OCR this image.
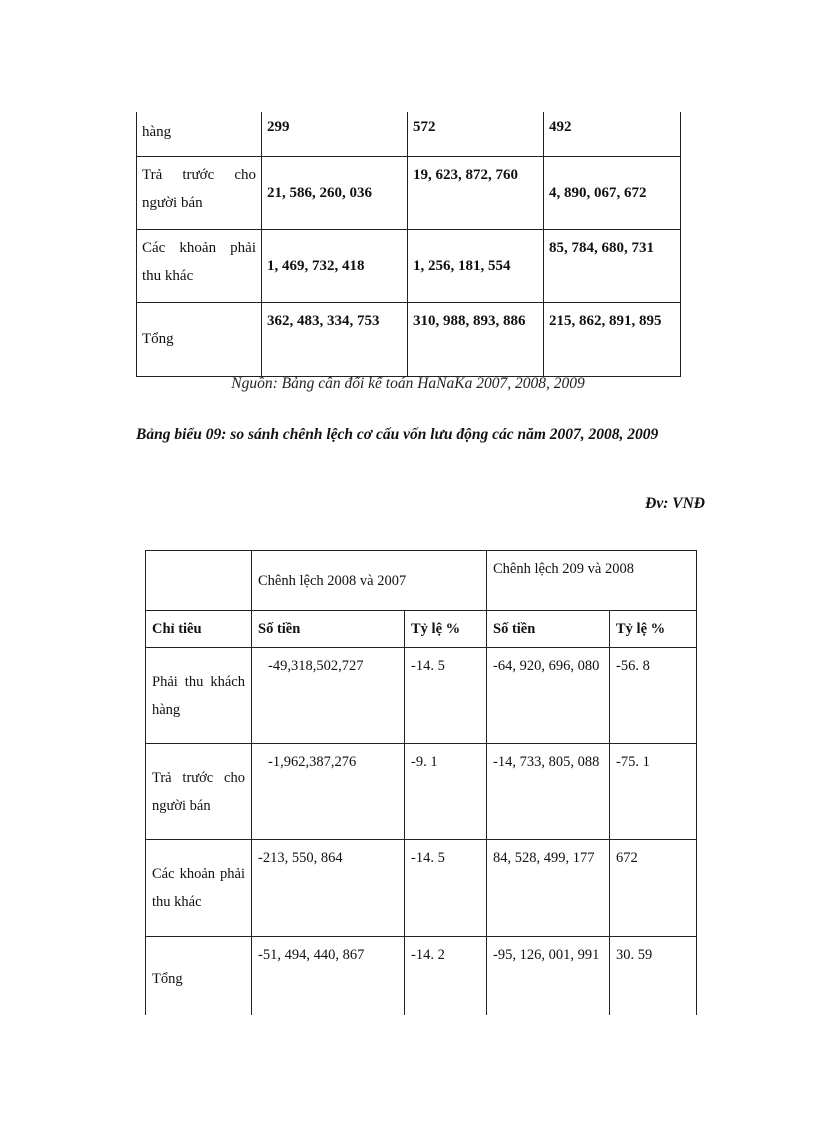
hàng	299	572	492
Trả trước cho người bán	21, 586, 260, 036	19, 623, 872, 760	4, 890, 067, 672
Các khoản phải thu khác	1, 469, 732, 418	1, 256, 181, 554	85, 784, 680, 731
Tổng	362, 483, 334, 753	310, 988, 893, 886	215, 862, 891, 895
Nguồn: Bảng cân đối kế toán HaNaKa 2007, 2008, 2009
Bảng biểu 09: so sánh chênh lệch cơ cấu vốn lưu động các năm 2007, 2008, 2009
Đv: VNĐ
	Chênh lệch 2008 và 2007		Chênh lệch 209 và 2008	
Chỉ tiêu	Số tiền	Tỷ lệ %	Số tiền	Tỷ lệ %
Phải thu khách hàng	-49,318,502,727	-14. 5	-64, 920, 696, 080	-56. 8
Trả trước cho người bán	-1,962,387,276	-9. 1	-14, 733, 805, 088	-75. 1
Các khoản phải thu khác	-213, 550, 864	-14. 5	84, 528, 499, 177	672
Tổng	-51, 494, 440, 867	-14. 2	-95, 126, 001, 991	30. 59
